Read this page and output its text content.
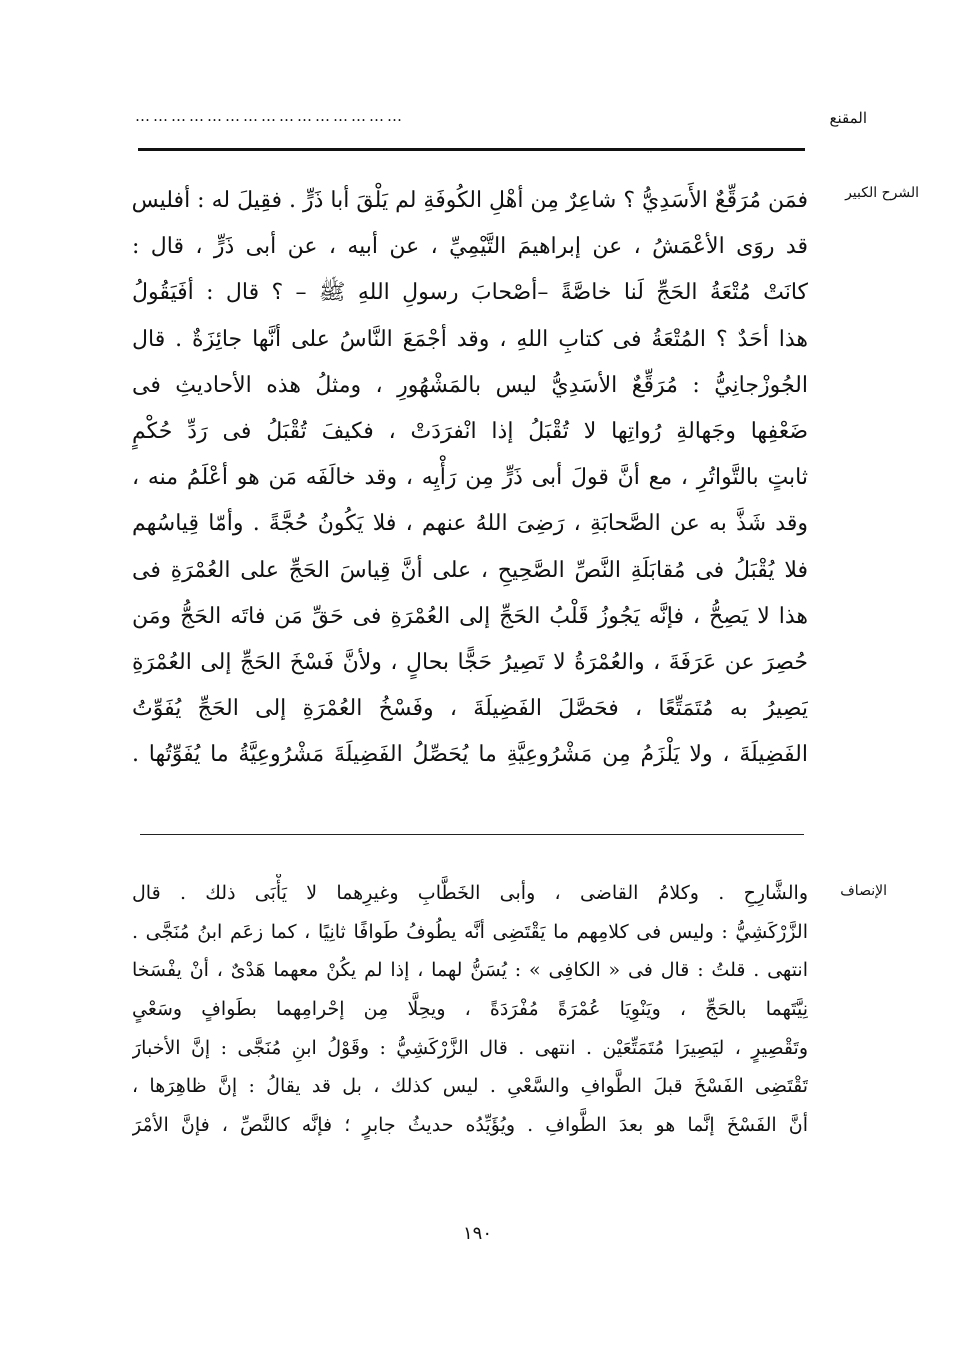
المقنع
………………………………………
الشرح الكبير
فمَن مُرَقِّعٌ الأَسَدِيُّ ؟ شاعِرٌ مِن أهْلِ الكُوفَةِ لم يَلْقَ أبا ذَرٍّ . فقِيلَ له : أفليس
قد روَى الأعْمَشُ ، عن إبراهيمَ التَّيْمِيِّ ، عن أبيه ، عن أبى ذَرٍّ ، قال :
كانَتْ مُتْعَةُ الحَجِّ لَنا خاصَّةً –أصْحابَ رسولِ اللهِ ﷺ – ؟ قال : أفَيَقُولُ
هذا أحَدٌ ؟ المُتْعَةُ فى كتابِ اللهِ ، وقد أجْمَعَ النَّاسُ على أنَّها جائِزَةٌ . قال
الجُوزْجانِيُّ : مُرَقِّعٌ الأسَدِيُّ ليس بالمَشْهُورِ ، ومثلُ هذه الأحاديثِ فى
ضَعْفِها وجَهالةِ رُواتِها لا تُقْبَلُ إذا انْفرَدَتْ ، فكيفَ تُقْبَلُ فى رَدِّ حُكْمٍ
ثابتٍ بالتَّواتُرِ ، مع أنَّ قولَ أبى ذَرٍّ مِن رَأْيِه ، وقد خالَفَه مَن هو أعْلَمُ منه ،
وقد شَذَّ به عن الصَّحابَةِ ، رَضِىَ اللهُ عنهم ، فلا يَكُونُ حُجَّةً . وأمّا قِياسُهم
فلا يُقْبَلُ فى مُقابَلَةِ النَّصِّ الصَّحِيحِ ، على أنَّ قِياسَ الحَجِّ على العُمْرَةِ فى
هذا لا يَصِحُّ ، فإنَّه يَجُوزُ قَلْبُ الحَجِّ إلى العُمْرَةِ فى حَقِّ مَن فاتَه الحَجُّ ومَن
حُصِرَ عن عَرَفَةَ ، والعُمْرَةُ لا تَصِيرُ حَجًّا بحالٍ ، ولأنَّ فَسْخَ الحَجِّ إلى العُمْرَةِ
يَصِيرُ به مُتَمَتِّعًا ، فحَصَّلَ الفَضِيلَةَ ، وفَسْخُ العُمْرَةِ إلى الحَجِّ يُفَوِّتُ
الفَضِيلَةَ ، ولا يَلْزَمُ مِن مَشْرُوعِيَّةِ ما يُحَصِّلُ الفَضِيلَةَ مَشْرُوعِيَّةُ ما يُفَوِّتُها .
الإنصاف
والشَّارِحِ . وكلامُ القاضى ، وأبى الخَطَّابِ وغيرِهما لا يَأْبَى ذلك . قال
الزَّرْكَشِيُّ : وليس فى كلامِهم ما يَقْتَضِى أنَّه يطُوفُ طَوافًا ثانِيًا ، كما زعَم ابنُ مُنَجَّى .
انتهى . قلتُ : قال فى « الكافِى » : يُسَنُّ لهما ، إذا لم يكُنْ معهما هَدْىٌ ، أنْ يفْسَخا
نِيَّتَهما بالحَجِّ ، ويَنْوِيَا عُمْرَةً مُفْرَدَةً ، ويحِلَّا مِن إحْرامِهما بطَوافٍ وسَعْىٍ
وتَقْصِيرٍ ، ليَصِيرَا مُتَمَتِّعَيْن . انتهى . قال الزَّرْكَشِيُّ : وقَوْلُ ابنِ مُنَجَّى : إنَّ الأخبارَ
تَقْتَضِى الفَسْخَ قبلَ الطَّوافِ والسَّعْىِ . ليس كذلك ، بل قد يقالُ : إنَّ ظاهِرَها ،
أنَّ الفَسْخَ إنَّما هو بعدَ الطَّوافِ . ويُؤَيِّدُه حديثُ جابرٍ ؛ فإنَّه كالنَّصِّ ، فإنَّ الأمْرَ
١٩٠
